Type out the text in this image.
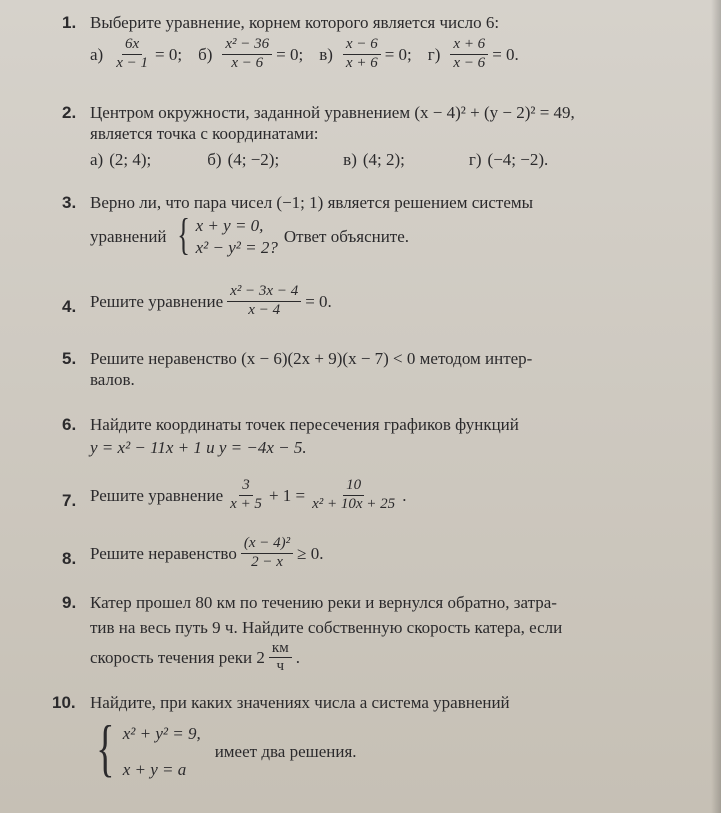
1. Выберите уравнение, корнем которого является число 6:
$а) \frac{6x}{x - 1} = 0$; $б) \frac{\text{x² − 36}}{x - 6} = 0$; $в) \frac{x - 6}{x + 6} = 0$; $г) \frac{x + 6}{x - 6} = 0$.
2. Центром окружности, заданной уравнением (x − 4)² + (y − 2)² = 49,
является точка с координатами:
а) (2; 4);	б) (4; −2);	в) (4; 2);	г) (−4; −2).
3. Верно ли, что пара чисел (−1; 1) является решением системы
уравнений { x + y = 0,
x² − y² = 2?
Ответ объясните.
4. Решите уравнение $\frac{\text{x² − 3x − 4}}{x - 4} = 0$.
5. Решите неравенство (x − 6)(2x + 9)(x − 7) < 0 методом интер-
валов.
6. Найдите координаты точек пересечения графиков функций
y = x² − 11x + 1 и y = −4x − 5.
7. Решите уравнение $\frac{3}{x + 5} + 1 = \frac{10}{\text{x² + 10x + 25}}$ .
8. Решите неравенство $\frac{\text{(x − 4)²}}{2 - x} \ge 0$.
9. Катер прошел 80 км по течению реки и вернулся обратно, затра-
тив на весь путь 9 ч. Найдите собственную скорость катера, если
скорость течения реки $2 \frac{км}{ч}$ .
10. Найдите, при каких значениях числа a система уравнений
{ x² + y² = 9,
x + y = a
имеет два решения.
